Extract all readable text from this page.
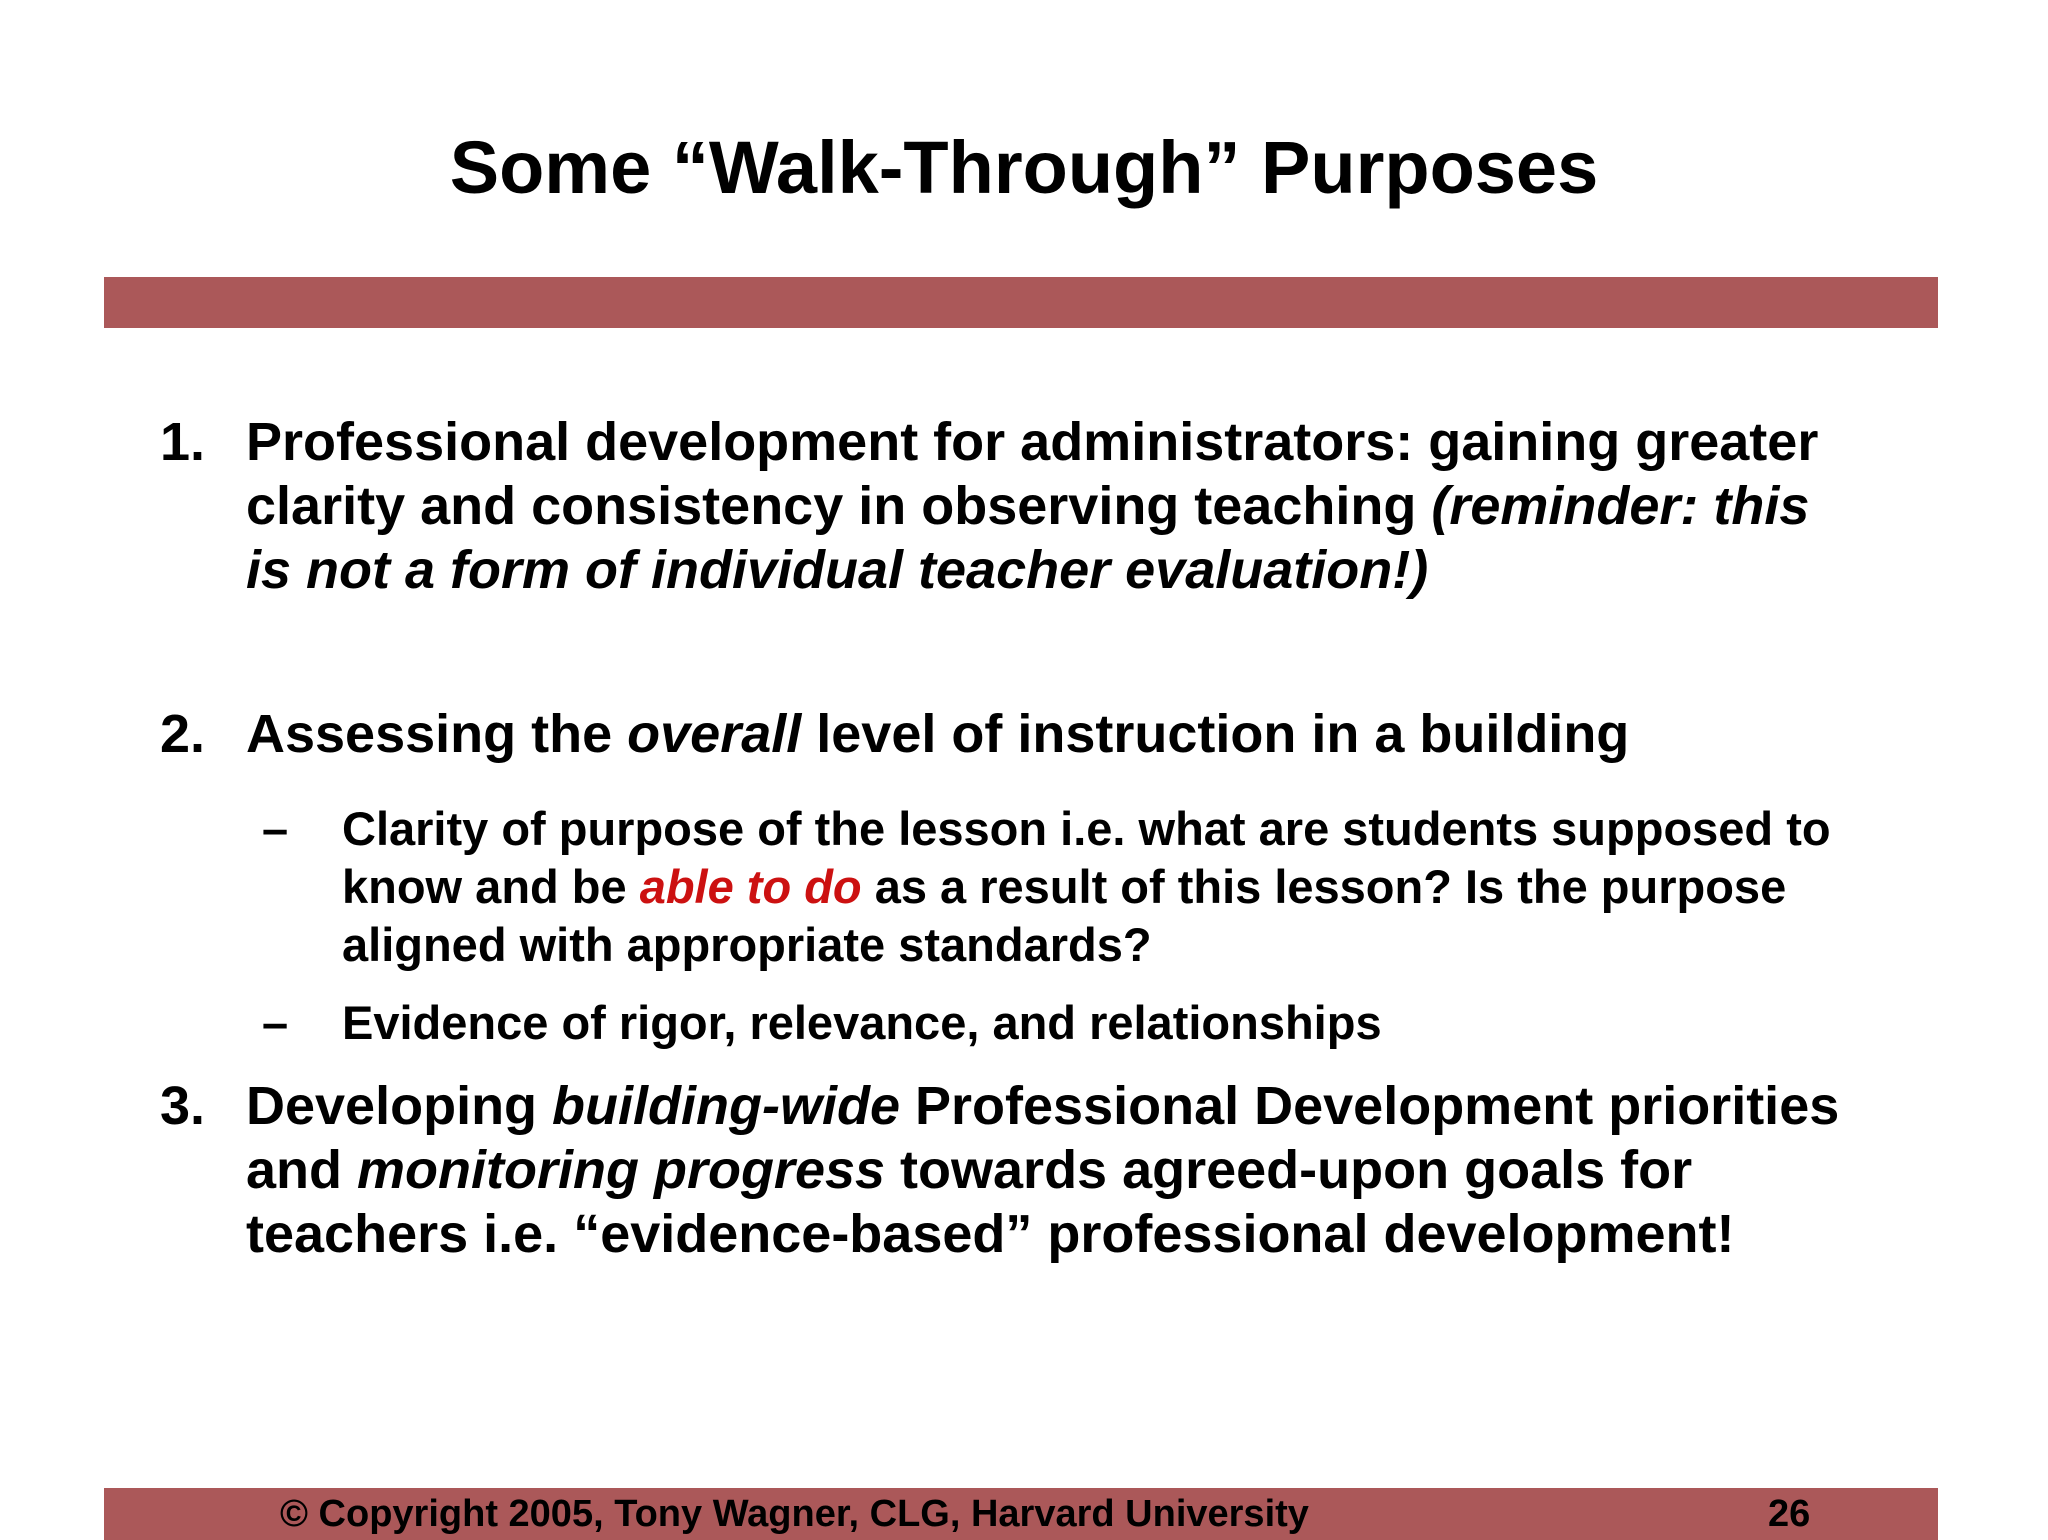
Some “Walk-Through” Purposes
1. Professional development for administrators: gaining greater clarity and consistency in observing teaching (reminder: this is not a form of individual teacher evaluation!)
2. Assessing the overall level of instruction in a building
– Clarity of purpose of the lesson i.e. what are students supposed to know and be able to do as a result of this lesson? Is the purpose aligned with appropriate standards?
– Evidence of rigor, relevance, and relationships
3. Developing building-wide Professional Development priorities and monitoring progress towards agreed-upon goals for teachers i.e. “evidence-based” professional development!
© Copyright 2005, Tony Wagner, CLG, Harvard University	26
